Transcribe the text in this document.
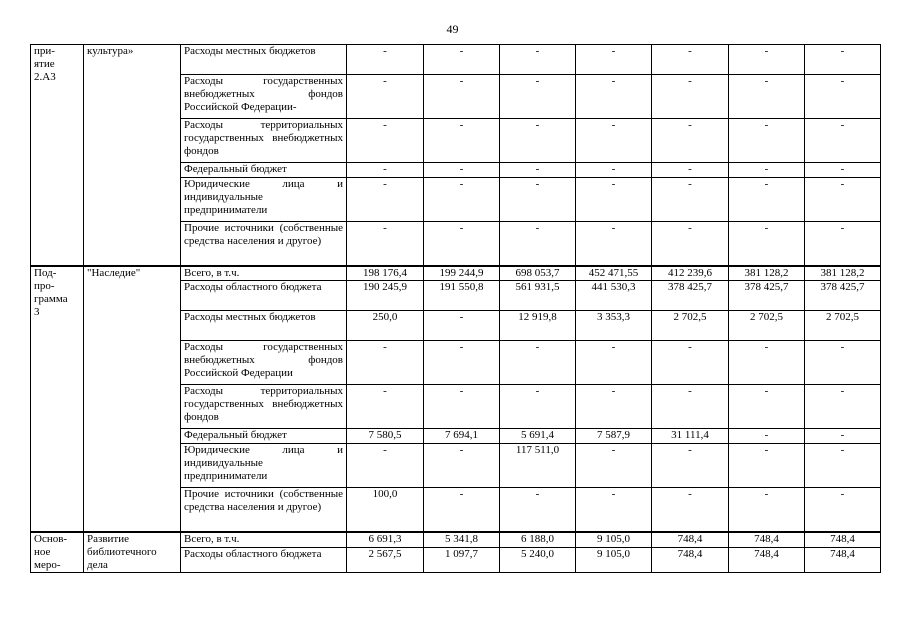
49
при-
ятие
2.А3	культура»	Расходы местных бюджетов	-	-	-	-	-	-	-
		Расходы государственных внебюджетных фондов Российской Федерации-	-	-	-	-	-	-	-
		Расходы территориальных государственных внебюджетных фондов	-	-	-	-	-	-	-
		Федеральный бюджет	-	-	-	-	-	-	-
		Юридические лица и индивидуальные предприниматели	-	-	-	-	-	-	-
		Прочие источники (собственные средства населения и другое)	-	-	-	-	-	-	-
Под-
про-
грамма
3	"Наследие"	Всего, в т.ч.	198 176,4	199 244,9	698 053,7	452 471,55	412 239,6	381 128,2	381 128,2
		Расходы областного бюджета	190 245,9	191 550,8	561 931,5	441 530,3	378 425,7	378 425,7	378 425,7
		Расходы местных бюджетов	250,0	-	12 919,8	3 353,3	2 702,5	2 702,5	2 702,5
		Расходы государственных внебюджетных фондов Российской Федерации	-	-	-	-	-	-	-
		Расходы территориальных государственных внебюджетных фондов	-	-	-	-	-	-	-
		Федеральный бюджет	7 580,5	7 694,1	5 691,4	7 587,9	31 111,4	-	-
		Юридические лица и индивидуальные предприниматели	-	-	117 511,0	-	-	-	-
		Прочие источники (собственные средства населения и другое)	100,0	-	-	-	-	-	-
Основ-
ное
меро-	Развитие
библиотечного
дела	Всего, в т.ч.	6 691,3	5 341,8	6 188,0	9 105,0	748,4	748,4	748,4
		Расходы областного бюджета	2 567,5	1 097,7	5 240,0	9 105,0	748,4	748,4	748,4
